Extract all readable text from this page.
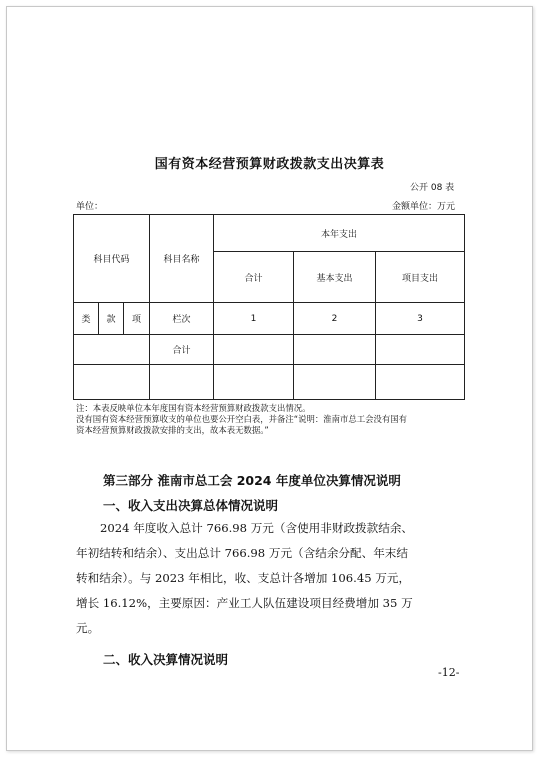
国有资本经营预算财政拨款支出决算表
公开 08 表
单位：	金额单位：万元
科目代码			科目名称	本年支出		
				合计	基本支出	项目支出
类	款	项	栏次	1	2	3
			合计			

注：本表反映单位本年度国有资本经营预算财政拨款支出情况。
没有国有资本经营预算收支的单位也要公开空白表，并备注“说明：淮南市总工会没有国有
资本经营预算财政拨款安排的支出，故本表无数据。”
第三部分 淮南市总工会 2024 年度单位决算情况说明
一、收入支出决算总体情况说明
2024 年度收入总计 766.98 万元（含使用非财政拨款结余、
年初结转和结余）、支出总计 766.98 万元（含结余分配、年末结
转和结余）。与 2023 年相比，收、支总计各增加 106.45 万元，
增长 16.12%，主要原因：产业工人队伍建设项目经费增加 35 万
元。
二、收入决算情况说明
-12-
